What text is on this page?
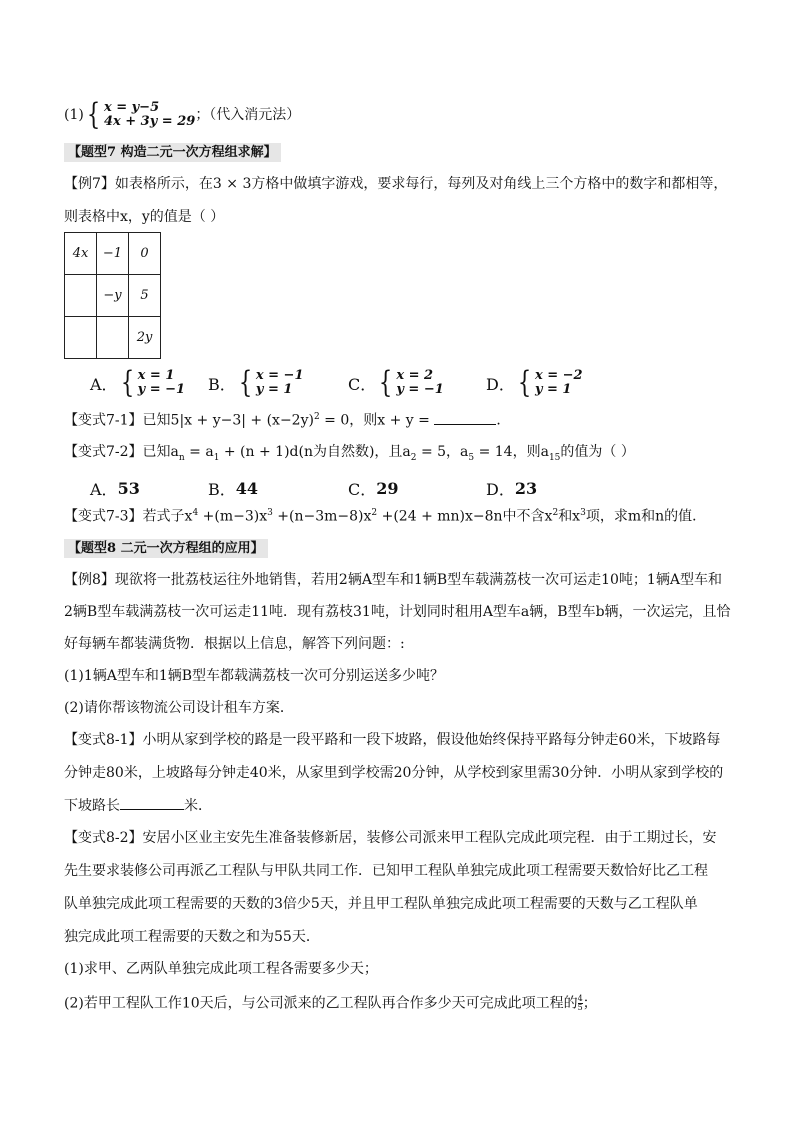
(1) { x = y−5
4x + 3y = 29 ；（代入消元法）
【题型7 构造二元一次方程组求解】
【例7】如表格所示，在3 × 3方格中做填字游戏，要求每行，每列及对角线上三个方格中的数字和都相等，
则表格中x，y的值是（ ）
4x	−1	0
	−y	5
		2y
A． { x = 1
y = −1 B． { x = −1
y = 1	C． { x = 2
y = −1	D． { x = −2
y = 1
【变式7-1】已知$5|x + y-3| + (x-2y)^2 = 0$，则x + y =	．
【变式7-2】已知$a_n = a_1 + (n + 1)d(n$为自然数)，且$a_2 = 5$，$a_5 = 14$，则$a_{15}$的值为（ ）
A． 53	B． 44	C． 29	D． 23
【变式7-3】若式子$x^4 +(m-3)x^3 +(n-3m-8)x^2 +(24 + mn)x-8n$中不含$x^2$和$x^3$项，求m和n的值．
【题型8 二元一次方程组的应用】
【例8】现欲将一批荔枝运往外地销售，若用2辆A型车和1辆B型车载满荔枝一次可运走10吨；1辆A型车和
2辆B型车载满荔枝一次可运走11吨．现有荔枝31吨，计划同时租用A型车a辆，B型车b辆，一次运完，且恰
好每辆车都装满货物．根据以上信息，解答下列问题：:
(1)1辆A型车和1辆B型车都载满荔枝一次可分别运送多少吨？
(2)请你帮该物流公司设计租车方案．
【变式8-1】小明从家到学校的路是一段平路和一段下坡路，假设他始终保持平路每分钟走60米，下坡路每
分钟走80米，上坡路每分钟走40米，从家里到学校需20分钟，从学校到家里需30分钟．小明从家到学校的
下坡路长	米．
【变式8-2】安居小区业主安先生准备装修新居，装修公司派来甲工程队完成此项完程．由于工期过长，安
先生要求装修公司再派乙工程队与甲队共同工作．已知甲工程队单独完成此项工程需要天数恰好比乙工程
队单独完成此项工程需要的天数的3倍少5天，并且甲工程队单独完成此项工程需要的天数与乙工程队单
独完成此项工程需要的天数之和为55天．
(1)求甲、乙两队单独完成此项工程各需要多少天；
(2)若甲工程队工作10天后，与公司派来的乙工程队再合作多少天可完成此项工程的 $\frac{4}{5}$ ；
